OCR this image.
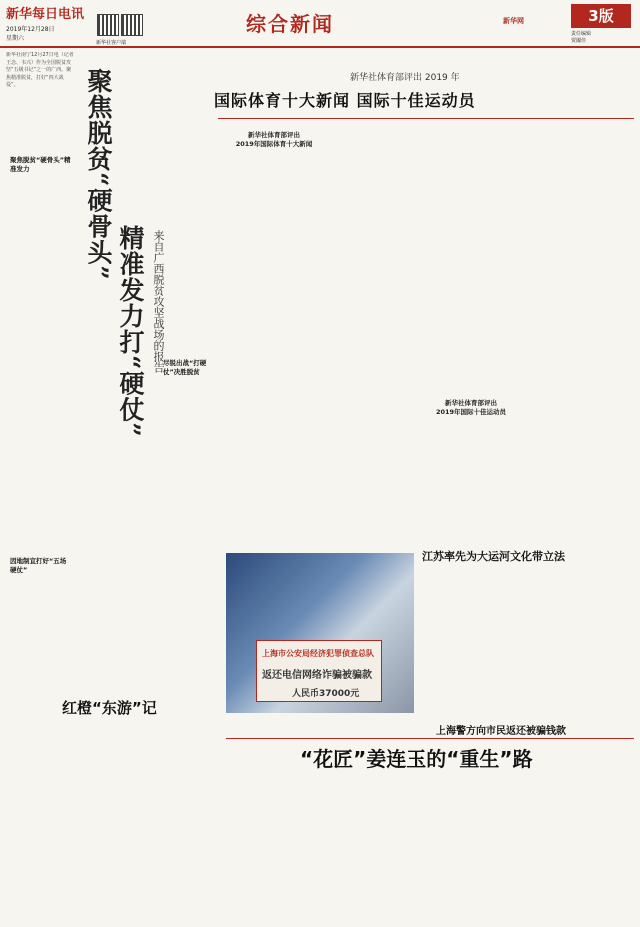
新华每日电讯
2019年12月28日
星期六
新华社客户端
综合新闻	新华网	3版
责任编辑
贾國佳
新华社南宁12月27日电（记者王念、韦兴）作为全国脱贫攻坚“五级书记”之一的广西，聚焦精准脱贫，打好“四大战役”。	聚焦脱贫“硬骨头”
精准发力打“硬仗” 来自广西脱贫攻坚战场的报告
聚焦脱贫“硬骨头”精准发力
因地制宜打好“五场硬仗”
尽锐出战“打硬仗”决胜脱贫
红橙“东游”记
新华社体育部评出 2019 年
国际体育十大新闻 国际十佳运动员
新华社体育部评出
2019年国际体育十大新闻
新华社体育部评出
2019年国际十佳运动员
上海市公安局经济犯罪侦查总队
返还电信网络诈骗被骗款
人民币37000元
上海警方向市民返还被骗钱款
江苏率先为大运河文化带立法
“花匠”姜连玉的“重生”路
